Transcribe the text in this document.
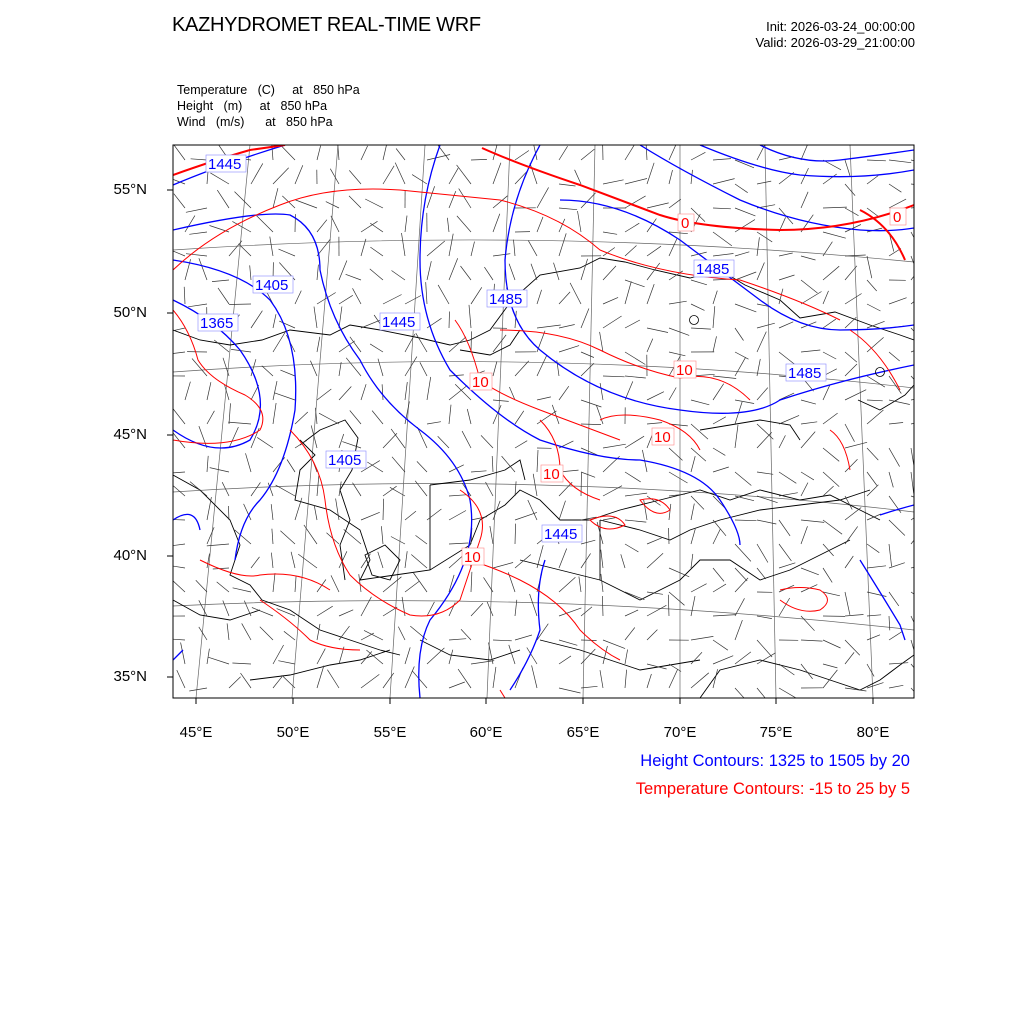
KAZHYDROMET REAL-TIME WRF	Init: 2026-03-24_00:00:00
Valid: 2026-03-29_21:00:00
Temperature   (C)     at   850 hPa
Height   (m)     at   850 hPa
Wind   (m/s)      at   850 hPa
1445
1405
1365	1445
1485
1485
1485
1405
1445
0	0
10
10
10
10
10
55°N
50°N
45°N
40°N
35°N
45°E	50°E	55°E	60°E	65°E	70°E	75°E	80°E
Height Contours: 1325 to 1505 by 20
Temperature Contours: -15 to 25 by 5
